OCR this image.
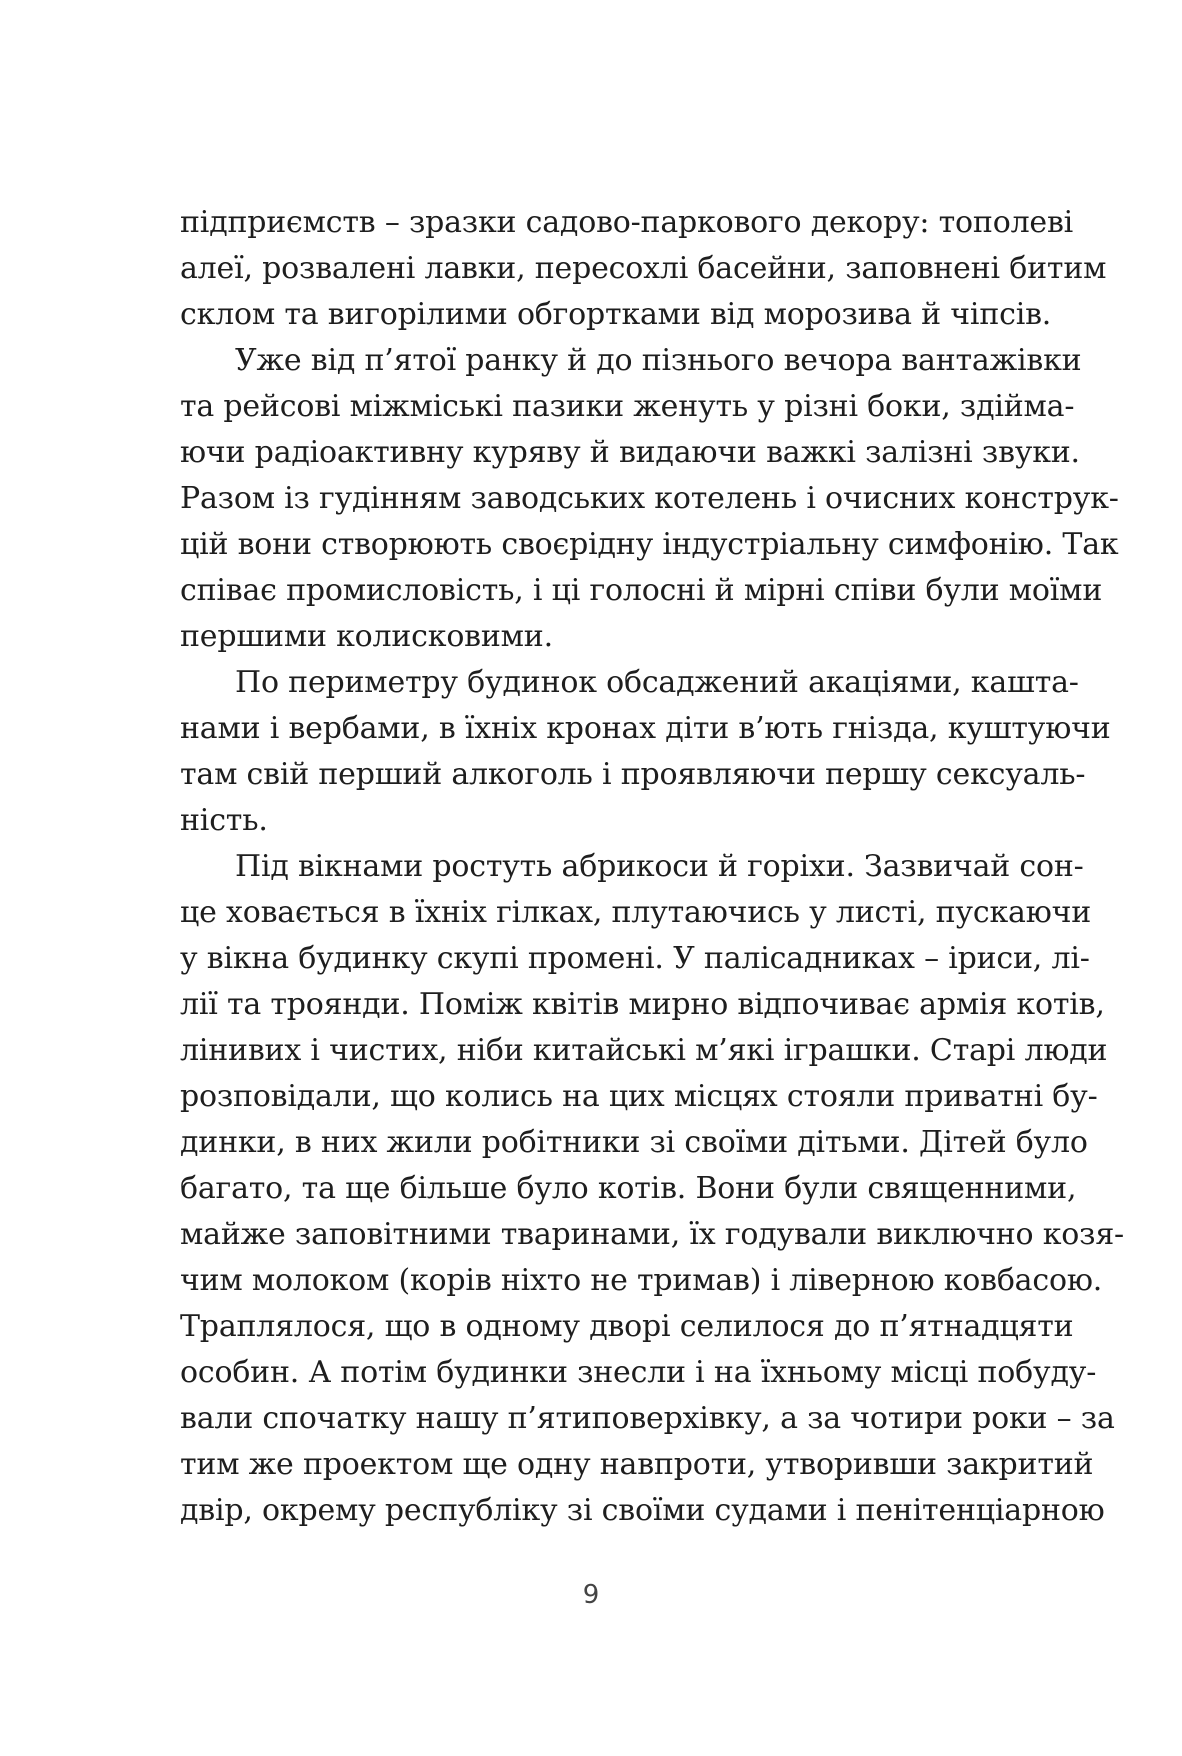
підприємств – зразки садово-паркового декору: тополеві
алеї, розвалені лавки, пересохлі басейни, заповнені битим
склом та вигорілими обгортками від морозива й чіпсів.
Уже від п’ятої ранку й до пізнього вечора вантажівки
та рейсові міжміські пазики женуть у різні боки, здійма-
ючи радіоактивну куряву й видаючи важкі залізні звуки.
Разом із гудінням заводських котелень і очисних конструк-
цій вони створюють своєрідну індустріальну симфонію. Так
співає промисловість, і ці голосні й мірні співи були моїми
першими колисковими.
По периметру будинок обсаджений акаціями, кашта-
нами і вербами, в їхніх кронах діти в’ють гнізда, куштуючи
там свій перший алкоголь і проявляючи першу сексуаль-
ність.
Під вікнами ростуть абрикоси й горіхи. Зазвичай сон-
це ховається в їхніх гілках, плутаючись у листі, пускаючи
у вікна будинку скупі промені. У палісадниках – іриси, лі-
лії та троянди. Поміж квітів мирно відпочиває армія котів,
лінивих і чистих, ніби китайські м’які іграшки. Старі люди
розповідали, що колись на цих місцях стояли приватні бу-
динки, в них жили робітники зі своїми дітьми. Дітей було
багато, та ще більше було котів. Вони були священними,
майже заповітними тваринами, їх годували виключно козя-
чим молоком (корів ніхто не тримав) і ліверною ковбасою.
Траплялося, що в одному дворі селилося до п’ятнадцяти
особин. А потім будинки знесли і на їхньому місці побуду-
вали спочатку нашу п’ятиповерхівку, а за чотири роки – за
тим же проектом ще одну навпроти, утворивши закритий
двір, окрему республіку зі своїми судами і пенітенціарною
9
